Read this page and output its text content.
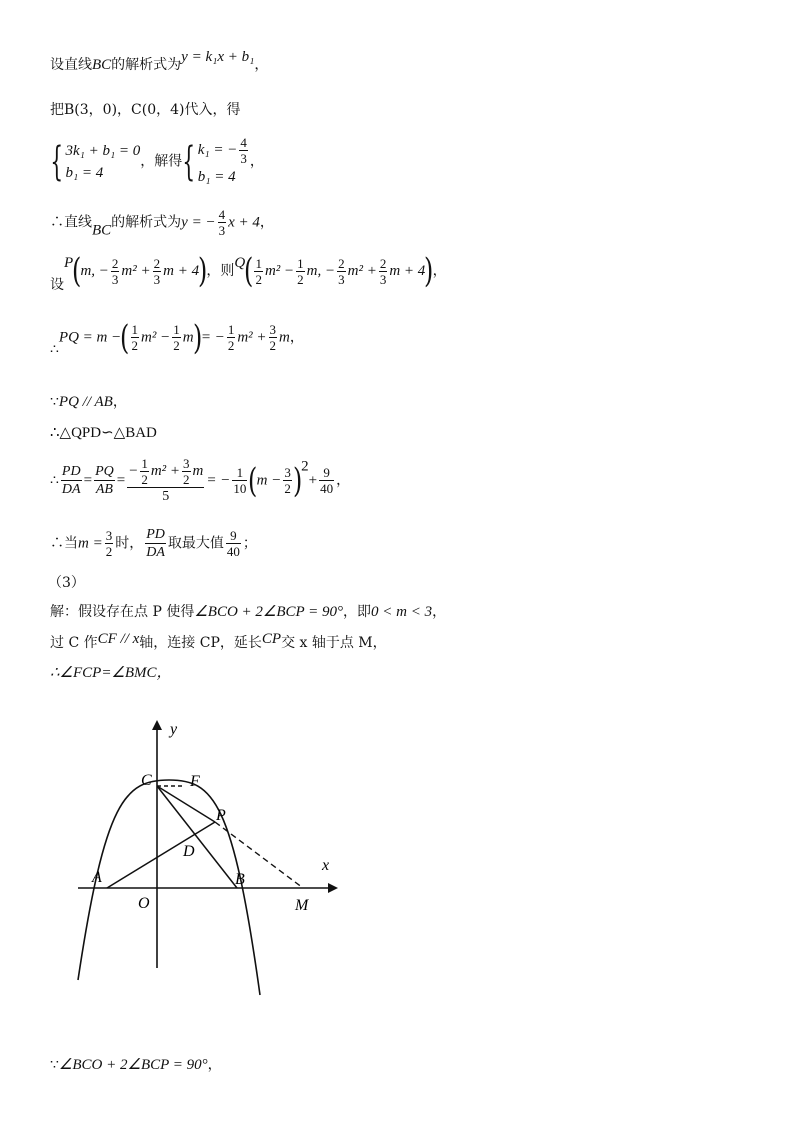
设直线BC的解析式为y = k₁x + b₁，
把B(3，0)，C(0，4)代入，得
{ 3k₁ + b₁ = 0
b₁ = 4
，解得{ k₁ = − $\frac{4}{3}$
b₁ = 4
，
∴直线BC的解析式为y = − $\frac{4}{3}$ x + 4，
设P(m, − $\frac{2}{3} m^2 + \frac{2}{3}$ m + 4)，则$Q( \frac{1}{2} m^2 - \frac{1}{2} m$, − $\frac{2}{3} m^2 + \frac{2}{3}$ m + 4)，
∴PQ = m −( $\frac{1}{2} m^2 - \frac{1}{2} m)= - \frac{1}{2} m^2 + \frac{3}{2}$ m，
∵PQ // AB，
∴△QPD∽△BAD
∴ $\frac{PD}{DA} = \frac{PQ}{AB} = \frac{- \frac{1}{2} m^2 + \frac{3}{2} m}{5}$ = − $\frac{1}{10} (m - \frac{3}{2} )^2+ \frac{9}{40}$ ，
∴当$m = \frac{3}{2}$ 时， $\frac{PD}{DA}$ 取最大值 $\frac{9}{40}$ ；
（3）
解：假设存在点 P 使得∠BCO + 2∠BCP = 90°，即0 < m < 3，
过 C 作CF // x轴，连接 CP，延长CP交 x 轴于点 M，
∴∠FCP=∠BMC，
y
x
C F
P
D
A	B
O	M
∵∠BCO + 2∠BCP = 90°，
